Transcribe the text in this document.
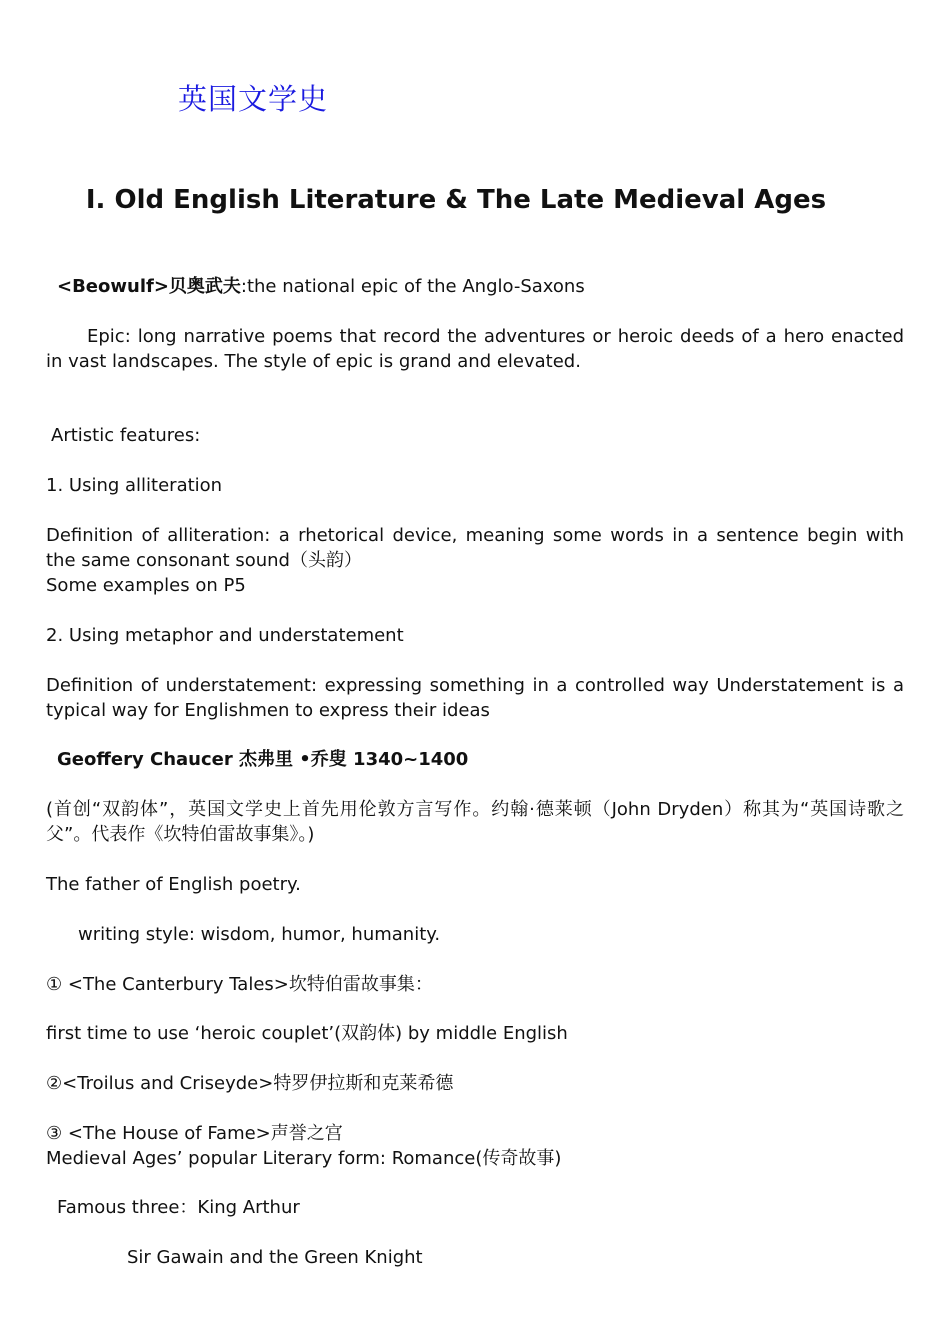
英国文学史
I. Old English Literature & The Late Medieval Ages
<Beowulf>贝奥武夫:the national epic of the Anglo-Saxons
Epic: long narrative poems that record the adventures or heroic deeds of a hero enacted in vast landscapes. The style of epic is grand and elevated.
Artistic features:
1. Using alliteration
Definition of alliteration: a rhetorical device, meaning some words in a sentence begin with the same consonant sound（头韵）
Some examples on P5
2. Using metaphor and understatement
Definition of understatement: expressing something in a controlled way Understatement is a typical way for Englishmen to express their ideas
Geoffery Chaucer 杰弗里 •乔叟 1340~1400
(首创“双韵体”，英国文学史上首先用伦敦方言写作。约翰·德莱顿（John Dryden）称其为“英国诗歌之父”。代表作《坎特伯雷故事集》。)
The father of English poetry.
writing style: wisdom, humor, humanity.
① <The Canterbury Tales>坎特伯雷故事集：
first time to use ‘heroic couplet’(双韵体) by middle English
②<Troilus and Criseyde>特罗伊拉斯和克莱希德
③ <The House of Fame>声誉之宫
Medieval Ages’ popular Literary form: Romance(传奇故事)
Famous three：King Arthur
Sir Gawain and the Green Knight
